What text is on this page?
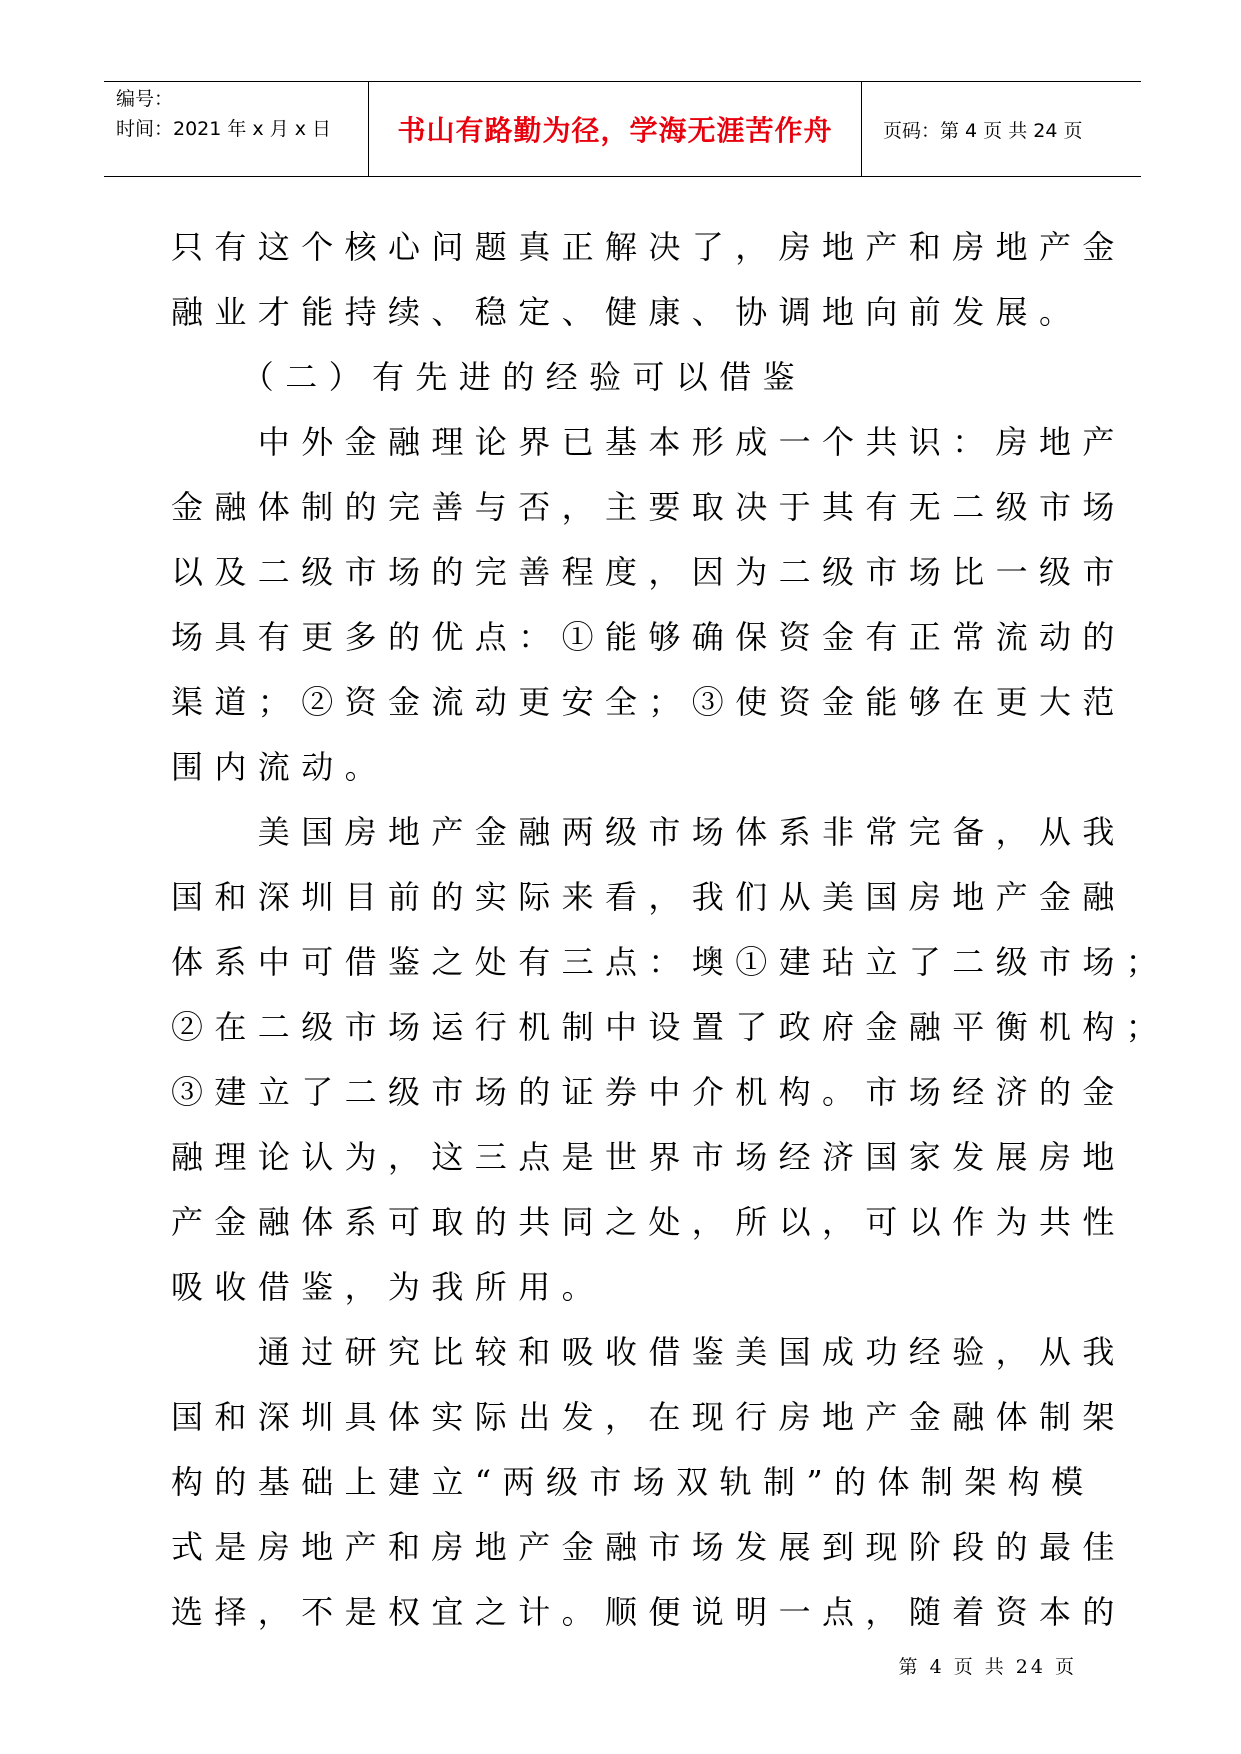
编号：
时间：2021 年 x 月 x 日	书山有路勤为径，学海无涯苦作舟	页码：第 4 页 共 24 页
只有这个核心问题真正解决了，房地产和房地产金
融业才能持续、稳定、健康、协调地向前发展。
　　（二）有先进的经验可以借鉴
　　中外金融理论界已基本形成一个共识：房地产
金融体制的完善与否，主要取决于其有无二级市场
以及二级市场的完善程度，因为二级市场比一级市
场具有更多的优点：①能够确保资金有正常流动的
渠道；②资金流动更安全；③使资金能够在更大范
围内流动。
　　美国房地产金融两级市场体系非常完备，从我
国和深圳目前的实际来看，我们从美国房地产金融
体系中可借鉴之处有三点：墺①建玷立了二级市场；
②在二级市场运行机制中设置了政府金融平衡机构；
③建立了二级市场的证券中介机构。市场经济的金
融理论认为，这三点是世界市场经济国家发展房地
产金融体系可取的共同之处，所以，可以作为共性
吸收借鉴，为我所用。
　　通过研究比较和吸收借鉴美国成功经验，从我
国和深圳具体实际出发，在现行房地产金融体制架
构的基础上建立“两级市场双轨制”的体制架构模
式是房地产和房地产金融市场发展到现阶段的最佳
选择，不是权宜之计。顺便说明一点，随着资本的
第 4 页 共 24 页
